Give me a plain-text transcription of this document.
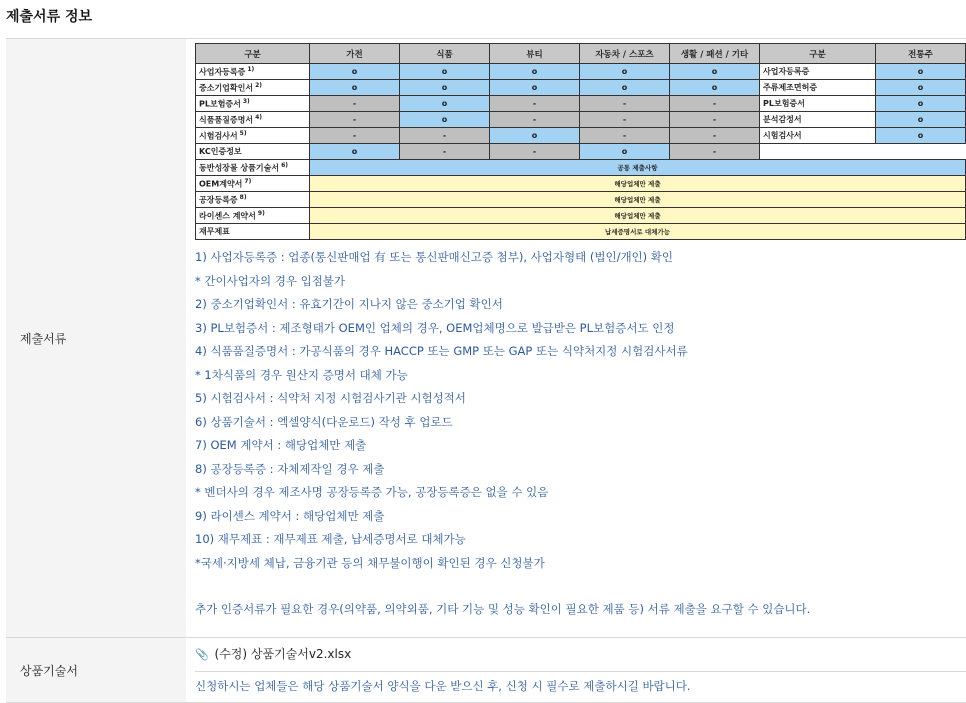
제출서류 정보
제출서류	
구분	가전	식품	뷰티	자동차 / 스포츠	생활 / 패션 / 기타	구분	전통주
사업자등록증 $^{1)}$	o	o	o	o	o	사업자등록증	o
중소기업확인서 $^{2)}$	o	o	o	o	o	주류제조면허증	o
PL보험증서 $^{3)}$	-	o	-	-	-	PL보험증서	o
식품품질증명서 $^{4)}$	-	o	-	-	-	분석감정서	o
시험검사서 $^{5)}$	-	-	o	-	-	시험검사서	o
KC인증정보	o	-	-	o	-	
동반성장몰 상품기술서 $^{6)}$	공통 제출사항
OEM계약서 $^{7)}$	해당업체만 제출
공장등록증 $^{8)}$	해당업체만 제출
라이센스 계약서 $^{9)}$	해당업체만 제출
재무제표	납세증명서로 대체가능
1) 사업자등록증 : 업종(통신판매업 有 또는 통신판매신고증 첨부), 사업자형태 (법인/개인) 확인
* 간이사업자의 경우 입점불가
2) 중소기업확인서 : 유효기간이 지나지 않은 중소기업 확인서
3) PL보험증서 : 제조형태가 OEM인 업체의 경우, OEM업체명으로 발급받은 PL보험증서도 인정
4) 식품품질증명서 : 가공식품의 경우 HACCP 또는 GMP 또는 GAP 또는 식약처지정 시험검사서류
* 1차식품의 경우 원산지 증명서 대체 가능
5) 시험검사서 : 식약처 지정 시험검사기관 시험성적서
6) 상품기술서 : 엑셀양식(다운로드) 작성 후 업로드
7) OEM 계약서 : 해당업체만 제출
8) 공장등록증 : 자체제작일 경우 제출
* 벤더사의 경우 제조사명 공장등록증 가능, 공장등록증은 없을 수 있음
9) 라이센스 계약서 : 해당업체만 제출
10) 재무제표 : 재무제표 제출, 납세증명서로 대체가능
*국세·지방세 체납, 금융기관 등의 채무불이행이 확인된 경우 신청불가
추가 인증서류가 필요한 경우(의약품, 의약외품, 기타 기능 및 성능 확인이 필요한 제품 등) 서류 제출을 요구할 수 있습니다.

상품기술서	
📎 (수정) 상품기술서v2.xlsx
신청하시는 업체들은 해당 상품기술서 양식을 다운 받으신 후, 신청 시 필수로 제출하시길 바랍니다.
